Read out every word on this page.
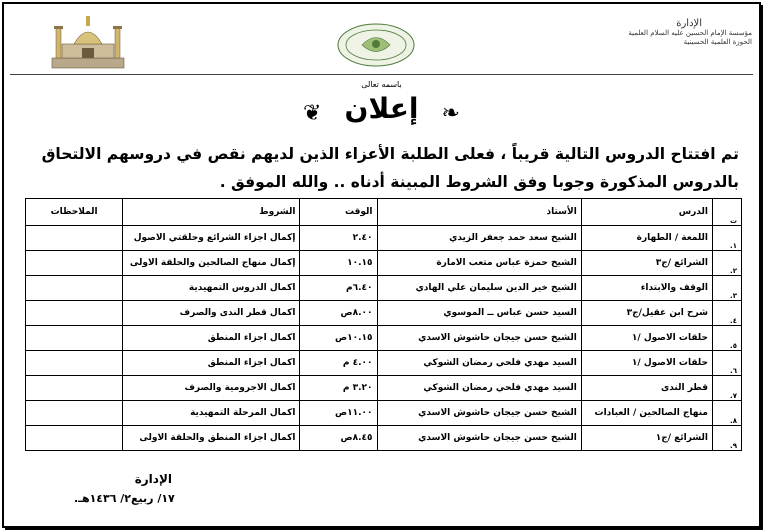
الإدارة
مؤسسة الإمام الحسين عليه السلام العلمية
الحوزة العلمية الحسينية
باسمه تعالى
❦ إعلان ❧
تم افتتاح الدروس التالية قريباً ، فعلى الطلبة الأعزاء الذين لديهم نقص في دروسهم الالتحاق بالدروس المذكورة وجوبا وفق الشروط المبينة أدناه .. والله الموفق .
الإدارة
١٧/ ربيع٢/ ١٤٣٦هـ.
ت	الدرس	الأستاذ	الوقت	الشروط	الملاحظات
١.	اللمعة / الطهارة	الشيخ سعد حمد جعفر الزيدي	٢.٤٠	إكمال اجزاء الشرائع وحلقتي الاصول	
٢.	الشرائع /ج٣	الشيخ حمزة عباس متعب الامارة	١٠.١٥	إكمال منهاج الصالحين والحلقة الاولى	
٣.	الوقف والابتداء	الشيخ خير الدين سليمان علي الهادي	٦.٤٠م	اكمال الدروس التمهيدية	
٤.	شرح ابن عقيل/ج٣	السيد حسن عباس ــ الموسوي	٨.٠٠ص	اكمال قطر الندى والصرف	
٥.	حلقات الاصول /١	الشيخ حسن جيجان حاشوش الاسدي	١٠.١٥ص	اكمال اجزاء المنطق	
٦.	حلقات الاصول /١	السيد مهدي فلحي رمضان الشوكي	٤.٠٠ م	اكمال اجزاء المنطق	
٧.	قطر الندى	السيد مهدي فلحي رمضان الشوكي	٣.٢٠ م	اكمال الاجرومية والصرف	
٨.	منهاج الصالحين / العبادات	الشيخ حسن جيجان حاشوش الاسدي	١١.٠٠ص	اكمال المرحلة التمهيدية	
٩.	الشرائع /ج١	الشيخ حسن جيجان حاشوش الاسدي	٨.٤٥ص	اكمال اجزاء المنطق والحلقة الاولى	
